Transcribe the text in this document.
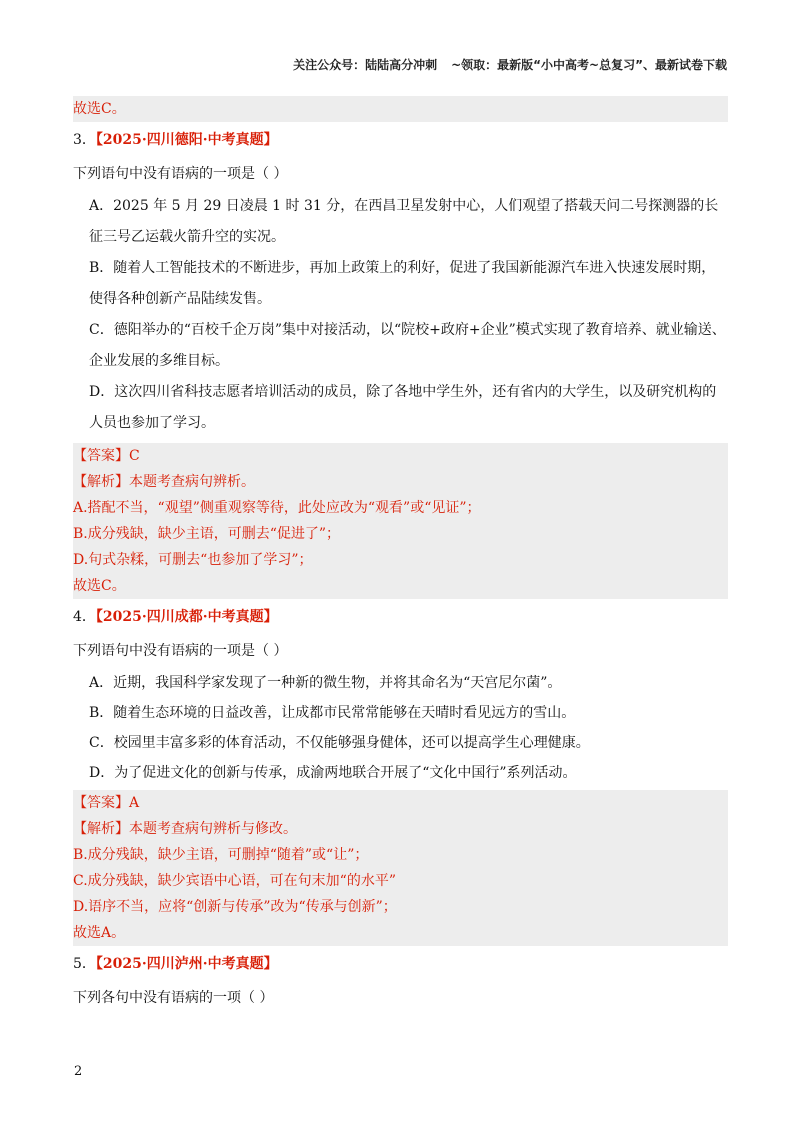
关注公众号：陆陆高分冲刺 ~领取：最新版“小中高考~总复习”、最新试卷下载
故选C。
3．【2025·四川德阳·中考真题】
下列语句中没有语病的一项是（ ）
A．2025 年 5 月 29 日凌晨 1 时 31 分，在西昌卫星发射中心，人们观望了搭载天问二号探测器的长征三号乙运载火箭升空的实况。
B．随着人工智能技术的不断进步，再加上政策上的利好，促进了我国新能源汽车进入快速发展时期，使得各种创新产品陆续发售。
C．德阳举办的“百校千企万岗”集中对接活动，以“院校+政府+企业”模式实现了教育培养、就业输送、企业发展的多维目标。
D．这次四川省科技志愿者培训活动的成员，除了各地中学生外，还有省内的大学生，以及研究机构的人员也参加了学习。
【答案】C
【解析】本题考查病句辨析。
A.搭配不当，“观望”侧重观察等待，此处应改为“观看”或“见证”；
B.成分残缺，缺少主语，可删去“促进了”；
D.句式杂糅，可删去“也参加了学习”；
故选C。
4．【2025·四川成都·中考真题】
下列语句中没有语病的一项是（ ）
A．近期，我国科学家发现了一种新的微生物，并将其命名为“天宫尼尔菌”。
B．随着生态环境的日益改善，让成都市民常常能够在天晴时看见远方的雪山。
C．校园里丰富多彩的体育活动，不仅能够强身健体，还可以提高学生心理健康。
D．为了促进文化的创新与传承，成渝两地联合开展了“文化中国行”系列活动。
【答案】A
【解析】本题考查病句辨析与修改。
B.成分残缺，缺少主语，可删掉“随着”或“让”；
C.成分残缺，缺少宾语中心语，可在句末加“的水平”
D.语序不当，应将“创新与传承”改为“传承与创新”；
故选A。
5．【2025·四川泸州·中考真题】
下列各句中没有语病的一项（ ）
2
